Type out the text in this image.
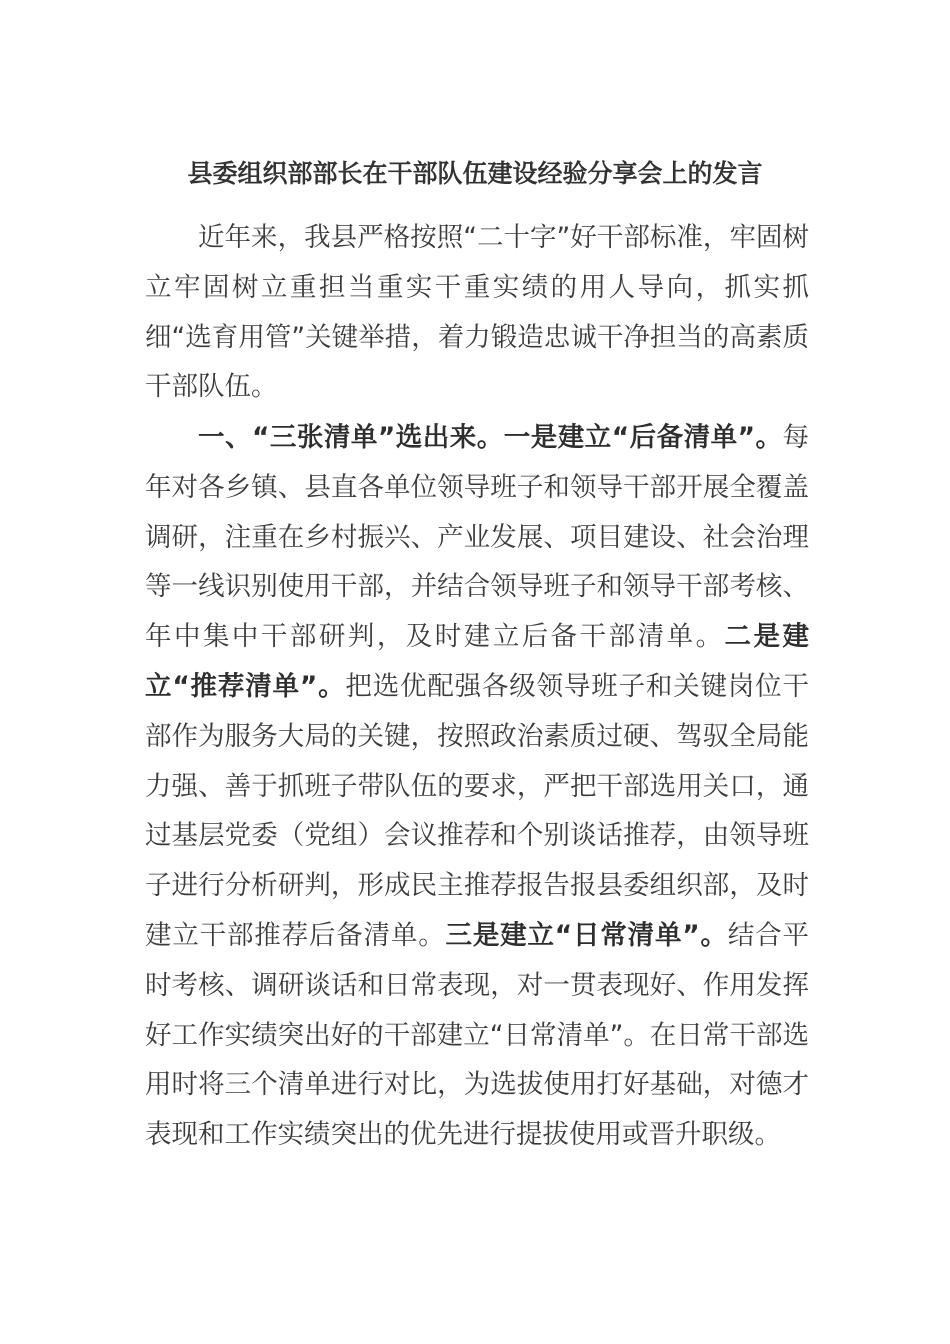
县委组织部部长在干部队伍建设经验分享会上的发言

近年来，我县严格按照“二十字”好干部标准，牢固树立牢固树立重担当重实干重实绩的用人导向，抓实抓细“选育用管”关键举措，着力锻造忠诚干净担当的高素质干部队伍。

一、“三张清单”选出来。一是建立“后备清单”。每年对各乡镇、县直各单位领导班子和领导干部开展全覆盖调研，注重在乡村振兴、产业发展、项目建设、社会治理等一线识别使用干部，并结合领导班子和领导干部考核、年中集中干部研判，及时建立后备干部清单。二是建立“推荐清单”。把选优配强各级领导班子和关键岗位干部作为服务大局的关键，按照政治素质过硬、驾驭全局能力强、善于抓班子带队伍的要求，严把干部选用关口，通过基层党委（党组）会议推荐和个别谈话推荐，由领导班子进行分析研判，形成民主推荐报告报县委组织部，及时建立干部推荐后备清单。三是建立“日常清单”。结合平时考核、调研谈话和日常表现，对一贯表现好、作用发挥好工作实绩突出好的干部建立“日常清单”。在日常干部选用时将三个清单进行对比，为选拔使用打好基础，对德才表现和工作实绩突出的优先进行提拔使用或晋升职级。
